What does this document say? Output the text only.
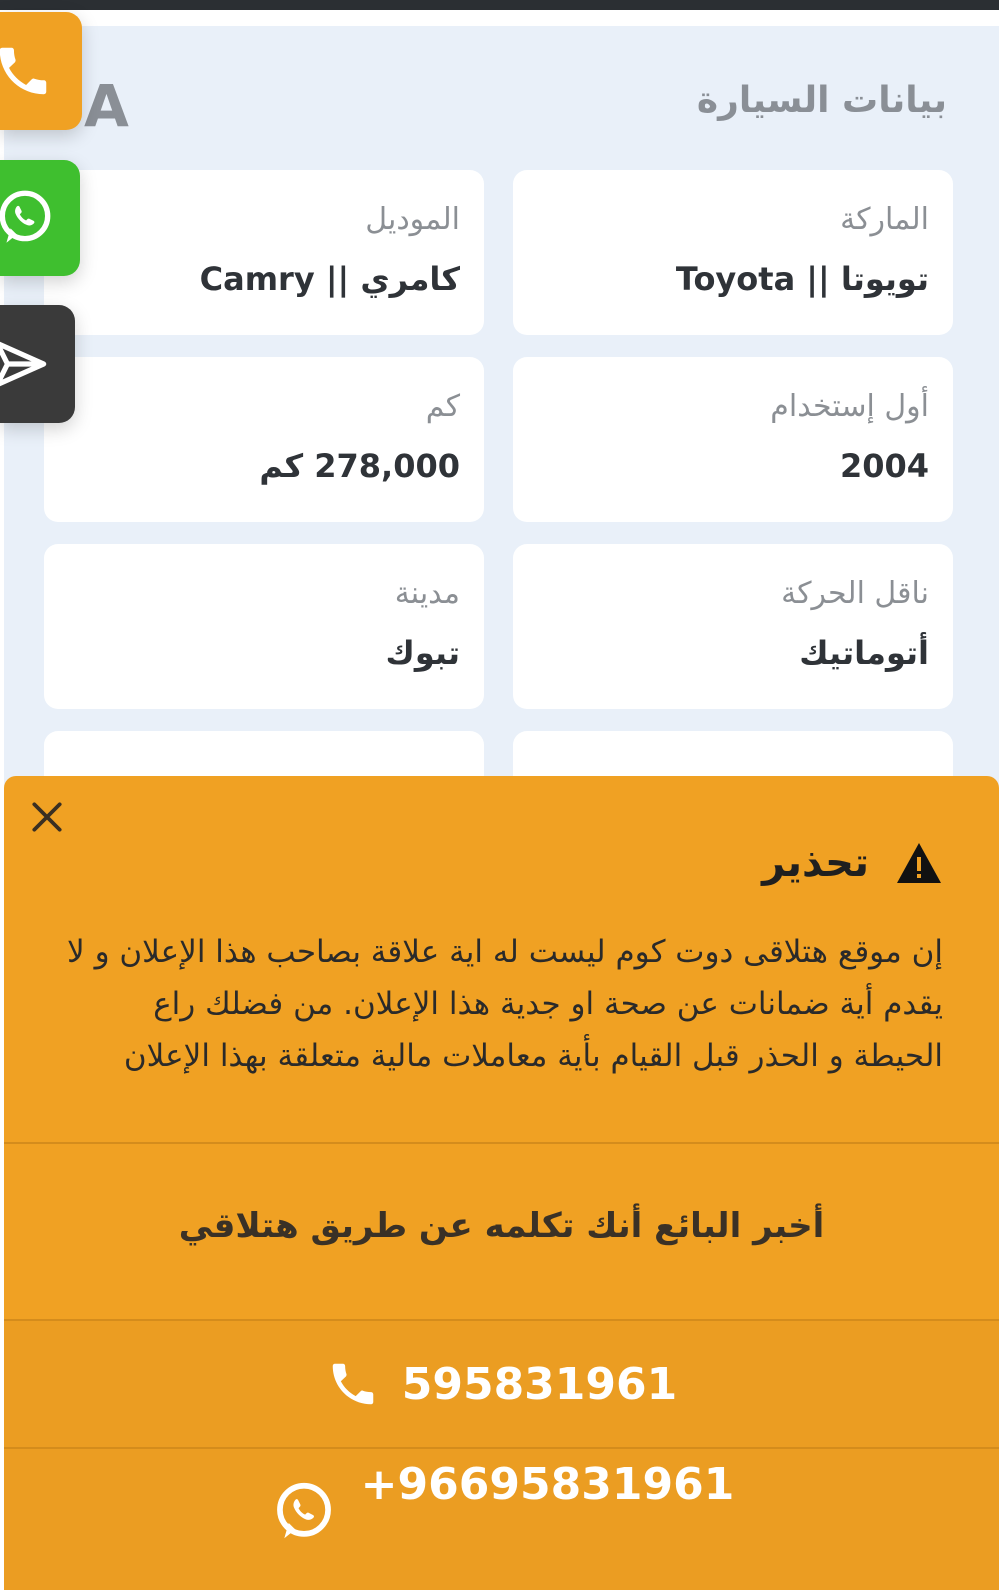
بيانات السيارة
A
الماركة
تويوتا || Toyota
الموديل
كامري || Camry
أول إستخدام
2004
كم
278,000 كم
ناقل الحركة
أتوماتيك
مدينة
تبوك
تحذير
إن موقع هتلاقى دوت كوم ليست له اية علاقة بصاحب هذا الإعلان و لا يقدم أية ضمانات عن صحة او جدية هذا الإعلان. من فضلك راع الحيطة و الحذر قبل القيام بأية معاملات مالية متعلقة بهذا الإعلان
أخبر البائع أنك تكلمه عن طريق هتلاقي
595831961
+96695831961
